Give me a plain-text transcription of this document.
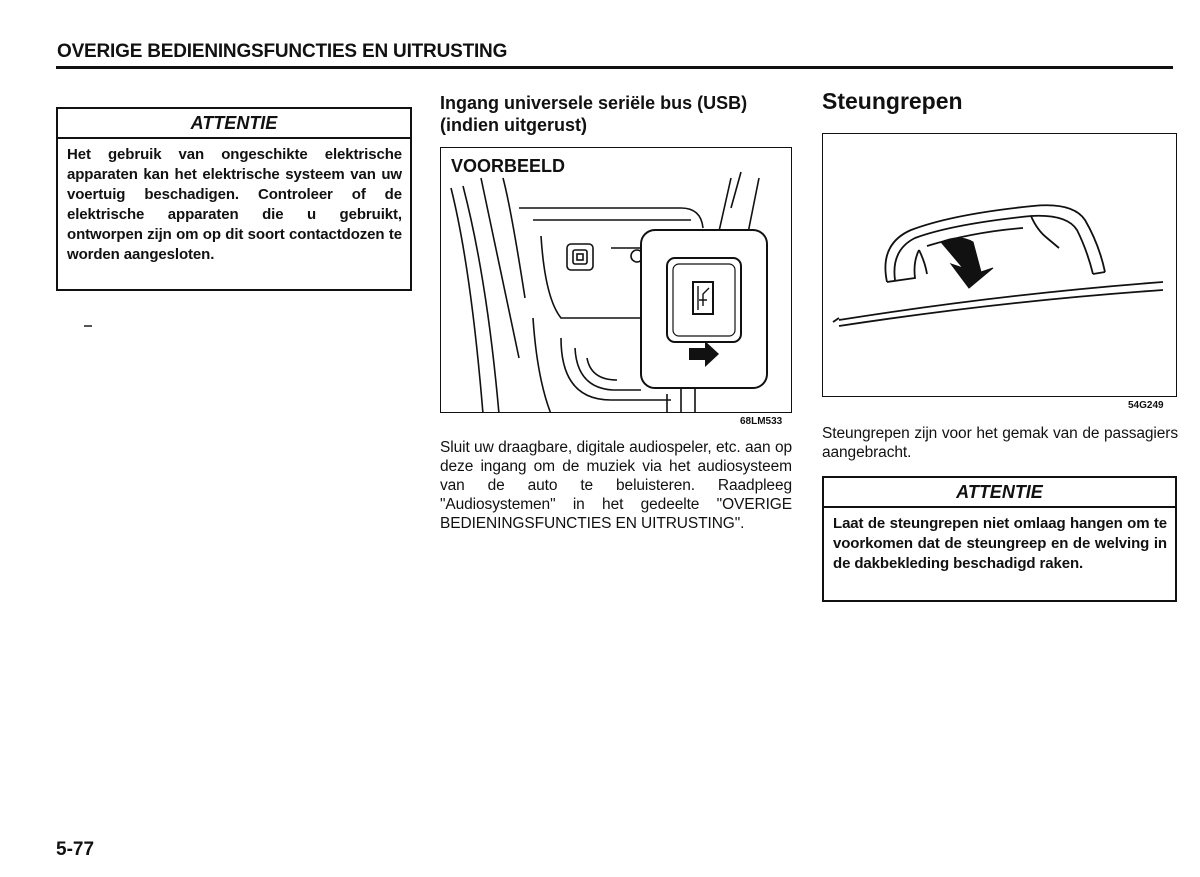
OVERIGE BEDIENINGSFUNCTIES EN UITRUSTING
ATTENTIE
Het gebruik van ongeschikte elektrische apparaten kan het elektrische systeem van uw voertuig beschadigen. Controleer of de elektrische apparaten die u gebruikt, ontworpen zijn om op dit soort contactdozen te worden aangesloten.
Ingang universele seriële bus (USB) (indien uitgerust)
VOORBEELD
68LM533
Sluit uw draagbare, digitale audiospeler, etc. aan op deze ingang om de muziek via het audiosysteem van de auto te beluisteren. Raadpleeg "Audiosystemen" in het gedeelte "OVERIGE BEDIENINGSFUNCTIES EN UITRUSTING".
Steungrepen
54G249
Steungrepen zijn voor het gemak van de passagiers aangebracht.
ATTENTIE
Laat de steungrepen niet omlaag hangen om te voorkomen dat de steungreep en de welving in de dakbekleding beschadigd raken.
5-77
